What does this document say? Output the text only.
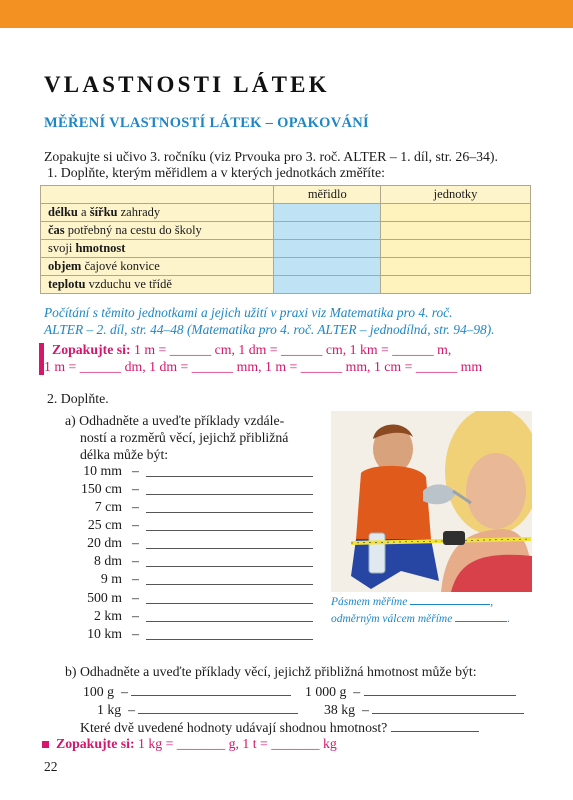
VLASTNOSTI LÁTEK
MĚŘENÍ VLASTNOSTÍ LÁTEK – OPAKOVÁNÍ
Zopakujte si učivo 3. ročníku (viz Prvouka pro 3. roč. ALTER – 1. díl, str. 26–34).
1. Doplňte, kterým měřidlem a v kterých jednotkách změříte:
	měřidlo	jednotky
délku a šířku zahrady		
čas potřebný na cestu do školy		
svoji hmotnost		
objem čajové konvice		
teplotu vzduchu ve třídě		
Počítání s těmito jednotkami a jejich užití v praxi viz Matematika pro 4. roč.
ALTER – 2. díl, str. 44–48 (Matematika pro 4. roč. ALTER – jednodílná, str. 94–98).
Zopakujte si: 1 m = ______ cm, 1 dm = ______ cm, 1 km = ______ m,
1 m = ______ dm, 1 dm = ______ mm, 1 m = ______ mm, 1 cm = ______ mm
2. Doplňte.
a) Odhadněte a uveďte příklady vzdále-
ností a rozměrů věcí, jejichž přibližná
délka může být:
10 mm –
150 cm –
7 cm –
25 cm –
20 dm –
8 dm –
9 m –
500 m –
2 km –
10 km –
Pásmem měříme	,
odměrným válcem měříme	.
b) Odhadněte a uveďte příklady věcí, jejichž přibližná hmotnost může být:
100 g –	1 000 g –
1 kg –	38 kg –
Které dvě uvedené hodnoty udávají shodnou hmotnost?
Zopakujte si: 1 kg = _______ g, 1 t = _______ kg
22
